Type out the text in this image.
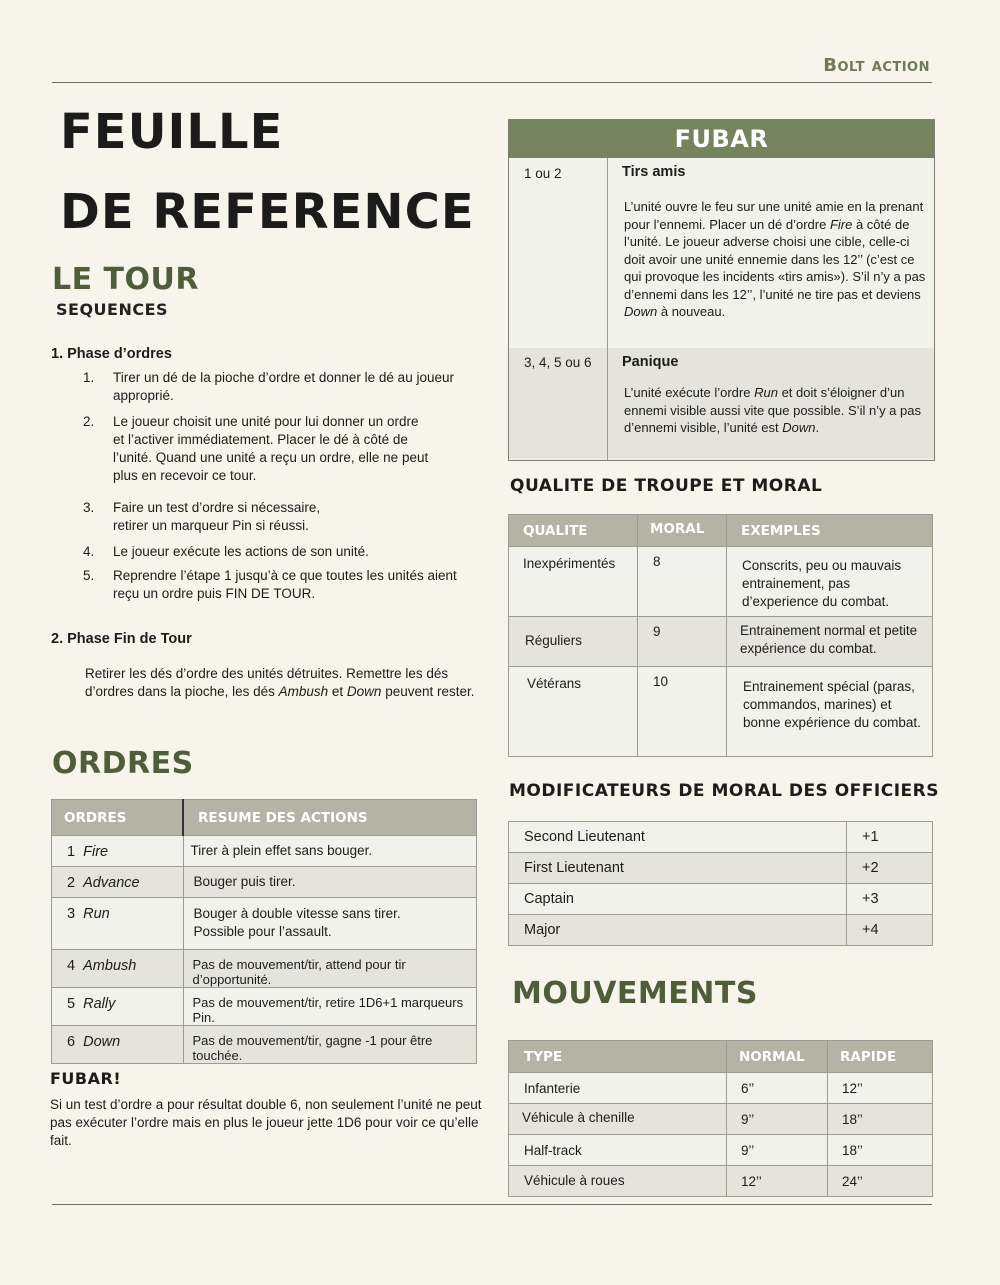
Bolt action
FEUILLE
DE REFERENCE
LE TOUR
SEQUENCES
1. Phase d’ordres
1. Tirer un dé de la pioche d’ordre et donner le dé au joueur approprié.
2. Le joueur choisit une unité pour lui donner un ordre et l’activer immédiatement. Placer le dé à côté de l’unité. Quand une unité a reçu un ordre, elle ne peut plus en recevoir ce tour.
3. Faire un test d’ordre si nécessaire, retirer un marqueur Pin si réussi.
4. Le joueur exécute les actions de son unité.
5. Reprendre l’étape 1 jusqu’à ce que toutes les unités aient reçu un ordre puis FIN DE TOUR.
2. Phase Fin de Tour
Retirer les dés d’ordre des unités détruites. Remettre les dés d’ordres dans la pioche, les dés Ambush et Down peuvent rester.
ORDRES
ORDRES	RESUME DES ACTIONS
1 Fire	Tirer à plein effet sans bouger.
2 Advance	Bouger puis tirer.
3 Run	Bouger à double vitesse sans tirer. Possible pour l’assault.
4 Ambush	Pas de mouvement/tir, attend pour tir d’opportunité.
5 Rally	Pas de mouvement/tir, retire 1D6+1 marqueurs Pin.
6 Down	Pas de mouvement/tir, gagne -1 pour être touchée.
FUBAR!
Si un test d’ordre a pour résultat double 6, non seulement l’unité ne peut pas exécuter l’ordre mais en plus le joueur jette 1D6 pour voir ce qu’elle fait.
FUBAR
1 ou 2	Tirs amis
L’unité ouvre le feu sur une unité amie en la prenant pour l’ennemi. Placer un dé d’ordre Fire à côté de l’unité. Le joueur adverse choisi une cible, celle-ci doit avoir une unité ennemie dans les 12’’ (c’est ce qui provoque les incidents «tirs amis»). S’il n’y a pas d’ennemi dans les 12’’, l’unité ne tire pas et deviens Down à nouveau.
3, 4, 5 ou 6 Panique
L’unité exécute l’ordre Run et doit s’éloigner d’un ennemi visible aussi vite que possible. S’il n’y a pas d’ennemi visible, l’unité est Down.
QUALITE DE TROUPE ET MORAL
QUALITE	MORAL	EXEMPLES
Inexpérimentés	8	Conscrits, peu ou mauvais entrainement, pas d’experience du combat.
Réguliers	9	Entrainement normal et petite expérience du combat.
Vétérans	10	Entrainement spécial (paras, commandos, marines) et bonne expérience du combat.
MODIFICATEURS DE MORAL DES OFFICIERS
Second Lieutenant	+1
First Lieutenant	+2
Captain	+3
Major	+4
MOUVEMENTS
TYPE	NORMAL	RAPIDE
Infanterie	6’’	12’’
Véhicule à chenille	9’’	18’’
Half-track	9’’	18’’
Véhicule à roues	12’’	24’’
